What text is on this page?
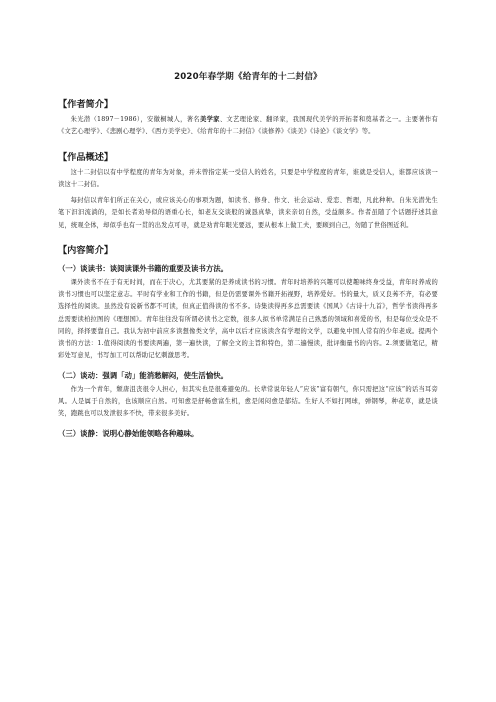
2020年春学期《给青年的十二封信》
【作者简介】

朱光潜（1897－1986），安徽桐城人，著名美学家、文艺理论家、翻译家，我国现代美学的开拓者和奠基者之一。主要著作有《文艺心理学》、《悲剧心理学》、《西方美学史》、《给青年的十二封信》《谈修养》《谈美》《诗论》《谈文学》等。

【作品概述】

这十二封信以有中学程度的青年为对象，并未曾指定某一受信人的姓名，只要是中学程度的青年，谁就是受信人，谁都应该读一读这十二封信。

每封信以青年们所正在关心，或应该关心的事项为题，如读书、修身、作文、社会运动、爱恋、哲理，凡此种种。自朱光潜先生笔下汩汩流淌的，是如长者劝导似的语重心长，如老友交谈般的诚恳真挚，读来亲切自然，受益颇多。作者虽随了个话题抒述其意见，统观全体，却似乎也有一贯的出发点可寻，就是劝青年眼光要远，要从根本上做工夫，要顾到自己，勿随了世俗图近利。

【内容简介】
（一）谈读书：谈阅读课外书籍的重要及读书方法。

课外读书不在于有无时间，而在于决心，尤其要紧的是养成读书的习惯。青年时培养的兴趣可以使趣味终身受益，青年时养成的读书习惯也可以坚定意志。平时有学业和工作的书籍，但是仍需要课外书籍开拓视野，培养爱好。书的量大，质又良莠不齐，有必要选择性的阅读。虽然没有说新书都不可读，但真正值得读的书不多。诗集读得再多总需要读《国风》《古诗十九首》，哲学书读得再多总需要读柏拉图的《理想国》。青年往往没有所谓必读书之定数，很多人拟书单常满足自己熟悉的领域和喜爱的书，但是每位受众是不同的，择择要靠自己。我认为初中前应多读想像类文学，高中以后才应该读含有学理的文学，以避免中国人常有的少年老成。提两个读书的方法：1.值得阅读的书要读两遍，第一遍快读，了解全文的主旨和特色，第二遍慢读，批评衡量书的内容。2.须要做笔记，精彩处写意见，书写加工可以帮助记忆刺激思考。

（二）谈动：强调「动」能消愁解闷，使生活愉快。

作为一个青年，颓唐沮丧很令人担心，但其实也是很难避免的。长辈常说年轻人“应该”富有朝气，你只需把这“应该”的话当耳旁风。人是属于自然的，也该顺应自然。可知愈是舒畅愈富生机，愈是闲闷愈是郁结。生好人不如打网球，弹钢琴，种花草，就是谈笑，跑跳也可以发泄很多不快，带来很多美好。

（三）谈静：说明心静始能领略各种趣味。
